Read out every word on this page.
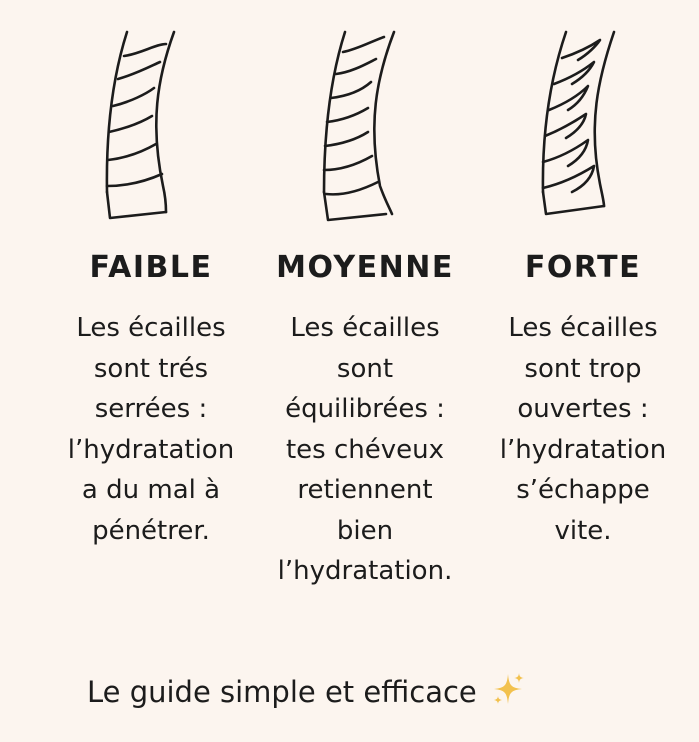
FAIBLE
Les écailles
sont trés
serrées :
l’hydratation
a du mal à
pénétrer.
MOYENNE
Les écailles
sont
équilibrées :
tes chéveux
retiennent
bien
l’hydratation.
FORTE
Les écailles
sont trop
ouvertes :
l’hydratation
s’échappe
vite.
Le guide simple et efficace
